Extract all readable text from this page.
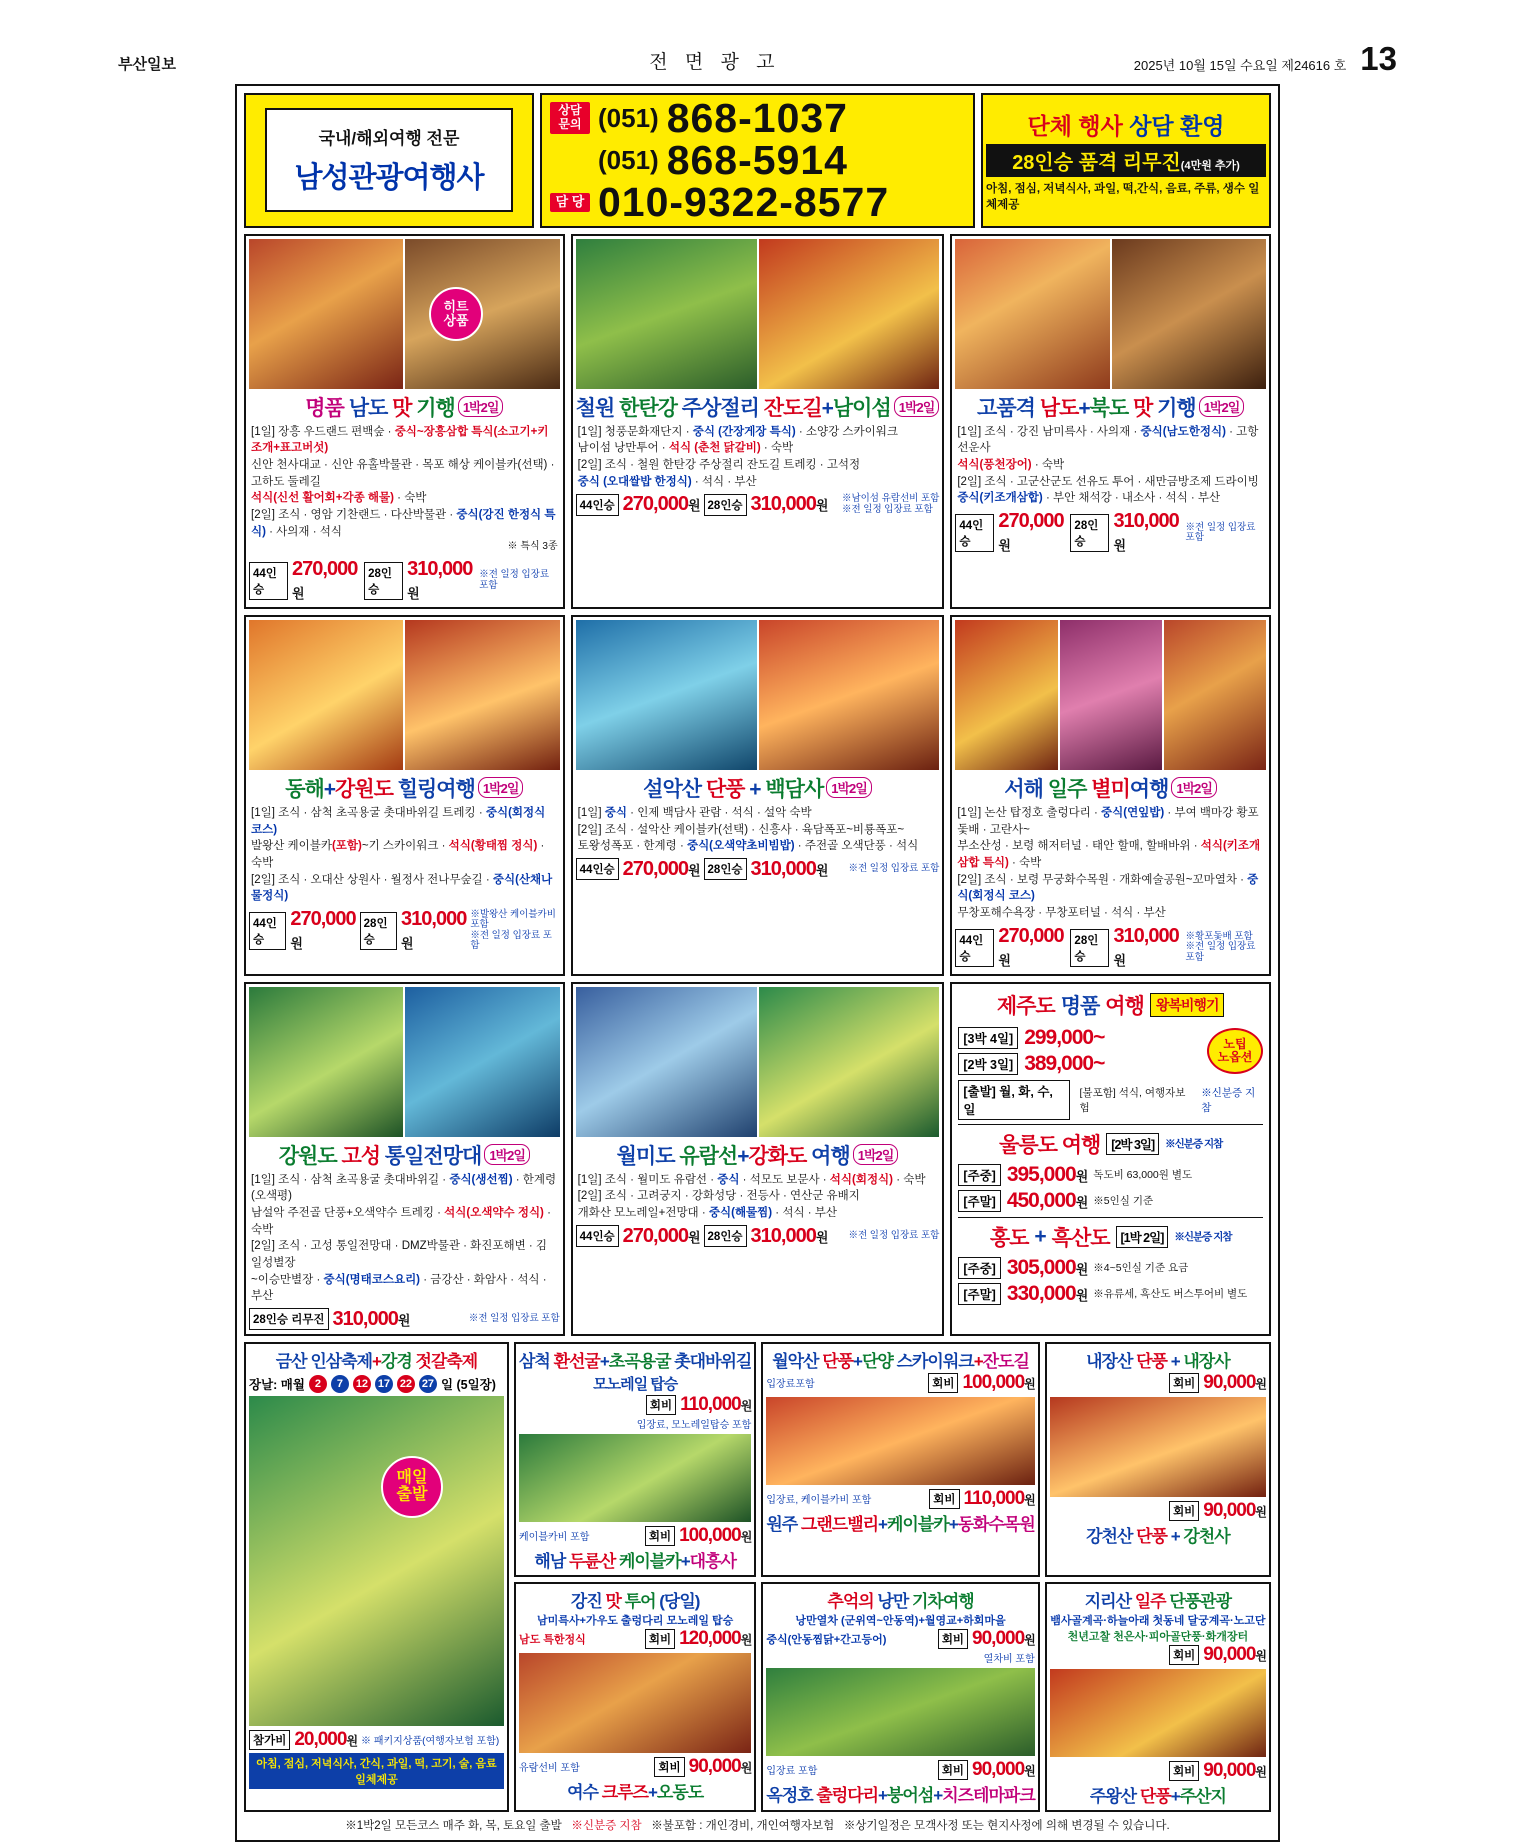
부산일보	전 면 광 고	2025년 10월 15일 수요일 제24616 호 13
국내/해외여행 전문
남성관광여행사
상담
문의 (051) 868-1037
(051) 868-5914
담 당 010-9322-8577
단체 행사 상담 환영
28인승 품격 리무진(4만원 추가)
아침, 점심, 저녁식사, 과일, 떡,간식, 음료, 주류, 생수 일체제공
히트
상품
명품 남도 맛 기행 1박2일
[1일] 장흥 우드랜드 편백숲 · 중식~장흥삼합 특식(소고기+키조개+표고버섯)
신안 천사대교 · 신안 유홀박물관 · 목포 해상 케이블카(선택) · 고하도 둘레길
석식(신선 활어회+각종 해물) · 숙박
[2일] 조식 · 영암 기찬랜드 · 다산박물관 · 중식(강진 한정식 특식) · 사의재 · 석식
※ 특식 3종
44인승
270,000원
28인승
310,000원
※전 일정 입장료 포함
철원 한탄강 주상절리 잔도길+남이섬 1박2일
[1일] 청풍문화재단지 · 중식 (간장게장 특식) · 소양강 스카이워크
남이섬 낭만투어 · 석식 (춘천 닭갈비) · 숙박
[2일] 조식 · 철원 한탄강 주상절리 잔도길 트레킹 · 고석정
중식 (오대쌀밥 한정식) · 석식 · 부산
44인승 270,000원 28인승 310,000원 ※남이섬 유람선비 포함
※전 일정 입장료 포함
고품격 남도+북도 맛 기행 1박2일
[1일] 조식 · 강진 남미륵사 · 사의재 · 중식(남도한정식) · 고항 선운사
석식(풍천장어) · 숙박
[2일] 조식 · 고군산군도 선유도 투어 · 새만금방조제 드라이빙
중식(키조개삼합) · 부안 채석강 · 내소사 · 석식 · 부산
44인승
270,000원
28인승
310,000원
※전 일정 입장료 포함
동해+강원도 힐링여행 1박2일
[1일] 조식 · 삼척 초곡용굴 촛대바위길 트레킹 · 중식(회정식 코스)
발왕산 케이블카(포함)~기 스카이워크 · 석식(황태찜 정식) · 숙박
[2일] 조식 · 오대산 상원사 · 월정사 전나무숲길 · 중식(산채나물정식)
44인승
270,000원
28인승
310,000원
※발왕산 케이블카비 포함
※전 일정 입장료 포함
설악산 단풍 + 백담사 1박2일
[1일] 중식 · 인제 백담사 관람 · 석식 · 설악 숙박
[2일] 조식 · 설악산 케이블카(선택) · 신흥사 · 육담폭포~비룡폭포~
토왕성폭포 · 한계령 · 중식(오색약초비빔밥) · 주전골 오색단풍 · 석식
44인승 270,000원 28인승 310,000원 ※전 일정 입장료 포함
서해 일주 별미여행 1박2일
[1일] 논산 탑정호 출렁다리 · 중식(연잎밥) · 부여 백마강 황포돛배 · 고란사~
부소산성 · 보령 해저터널 · 태안 할매, 할배바위 · 석식(키조개삼합 특식) · 숙박
[2일] 조식 · 보령 무궁화수목원 · 개화예술공원~꼬마열차 · 중식(회정식 코스)
무창포해수욕장 · 무창포터널 · 석식 · 부산
44인승
270,000원
28인승
310,000원
※황포돛배 포함
※전 일정 입장료 포함
강원도 고성 통일전망대 1박2일
[1일] 조식 · 삼척 초곡용굴 촛대바위길 · 중식(생선찜) · 한계령(오색평)
남설악 주전골 단풍+오색약수 트레킹 · 석식(오색약수 정식) · 숙박
[2일] 조식 · 고성 통일전망대 · DMZ박물관 · 화진포해변 · 김일성별장
~이승만별장 · 중식(명태코스요리) · 금강산 · 화암사 · 석식 · 부산
28인승 리무진 310,000원	※전 일정 입장료 포함
월미도 유람선+강화도 여행 1박2일
[1일] 조식 · 월미도 유람선 · 중식 · 석모도 보문사 · 석식(회정식) · 숙박
[2일] 조식 · 고려궁지 · 강화성당 · 전등사 · 연산군 유배지
개화산 모노레일+전망대 · 중식(해물찜) · 석식 · 부산
44인승 270,000원 28인승 310,000원 ※전 일정 입장료 포함
제주도 명품 여행 왕복비행기
[3박 4일] 299,000~
[2박 3일] 389,000~
노팁
노옵션
[출발] 월, 화, 수, 일
[불포함] 석식, 여행자보험
※신분증 지참
울릉도 여행 [2박 3일]	※신분증 지참
[주중] 395,000원 독도비 63,000원 별도
[주말] 450,000원 ※5인실 기준
홍도 + 흑산도 [1박 2일]	※신분증 지참
[주중] 305,000원 ※4~5인실 기준 요금
[주말] 330,000원 ※유류세, 흑산도 버스투어비 별도
금산 인삼축제+강경 젓갈축제
장날: 매월 2	7	12 17 22 27 일 (5일장)
매일
출발
참가비 20,000원 ※ 패키지상품(여행자보험 포함)
아침, 점심, 저녁식사, 간식, 과일, 떡, 고기, 술, 음료 일체제공
삼척 환선굴+초곡용굴 촛대바위길
모노레일 탑승
회비 110,000원
입장료, 모노레일탑승 포함
케이블카비 포함	회비 100,000원
해남 두륜산 케이블카+대흥사
월악산 단풍+단양 스카이워크+잔도길
입장료포함	회비 100,000원
입장료, 케이블카비 포함	회비 110,000원
원주 그랜드밸리+케이블카+동화수목원
내장산 단풍 + 내장사
회비 90,000원
회비 90,000원
강천산 단풍 + 강천사
강진 맛 투어 (당일)
남미륵사+가우도 출렁다리 모노레일 탑승
남도 특한정식	회비 120,000원
유람선비 포함	회비 90,000원
여수 크루즈+오동도
추억의 낭만 기차여행
낭만열차 (군위역~안동역)+월영교+하회마을
중식(안동찜닭+간고등어)	회비 90,000원
열차비 포함
입장료 포함	회비 90,000원
옥정호 출렁다리+붕어섬+치즈테마파크
지리산 일주 단풍관광
뱀사골계곡·하늘아래 첫동네 달궁계곡·노고단
천년고찰 천은사·피아골단풍·화개장터
회비 90,000원
회비 90,000원
주왕산 단풍+주산지
※1박2일 모든코스 매주 화, 목, 토요일 출발 ※신분증 지참 ※불포함 : 개인경비, 개인여행자보험 ※상기일정은 모객사정 또는 현지사정에 의해 변경될 수 있습니다.
